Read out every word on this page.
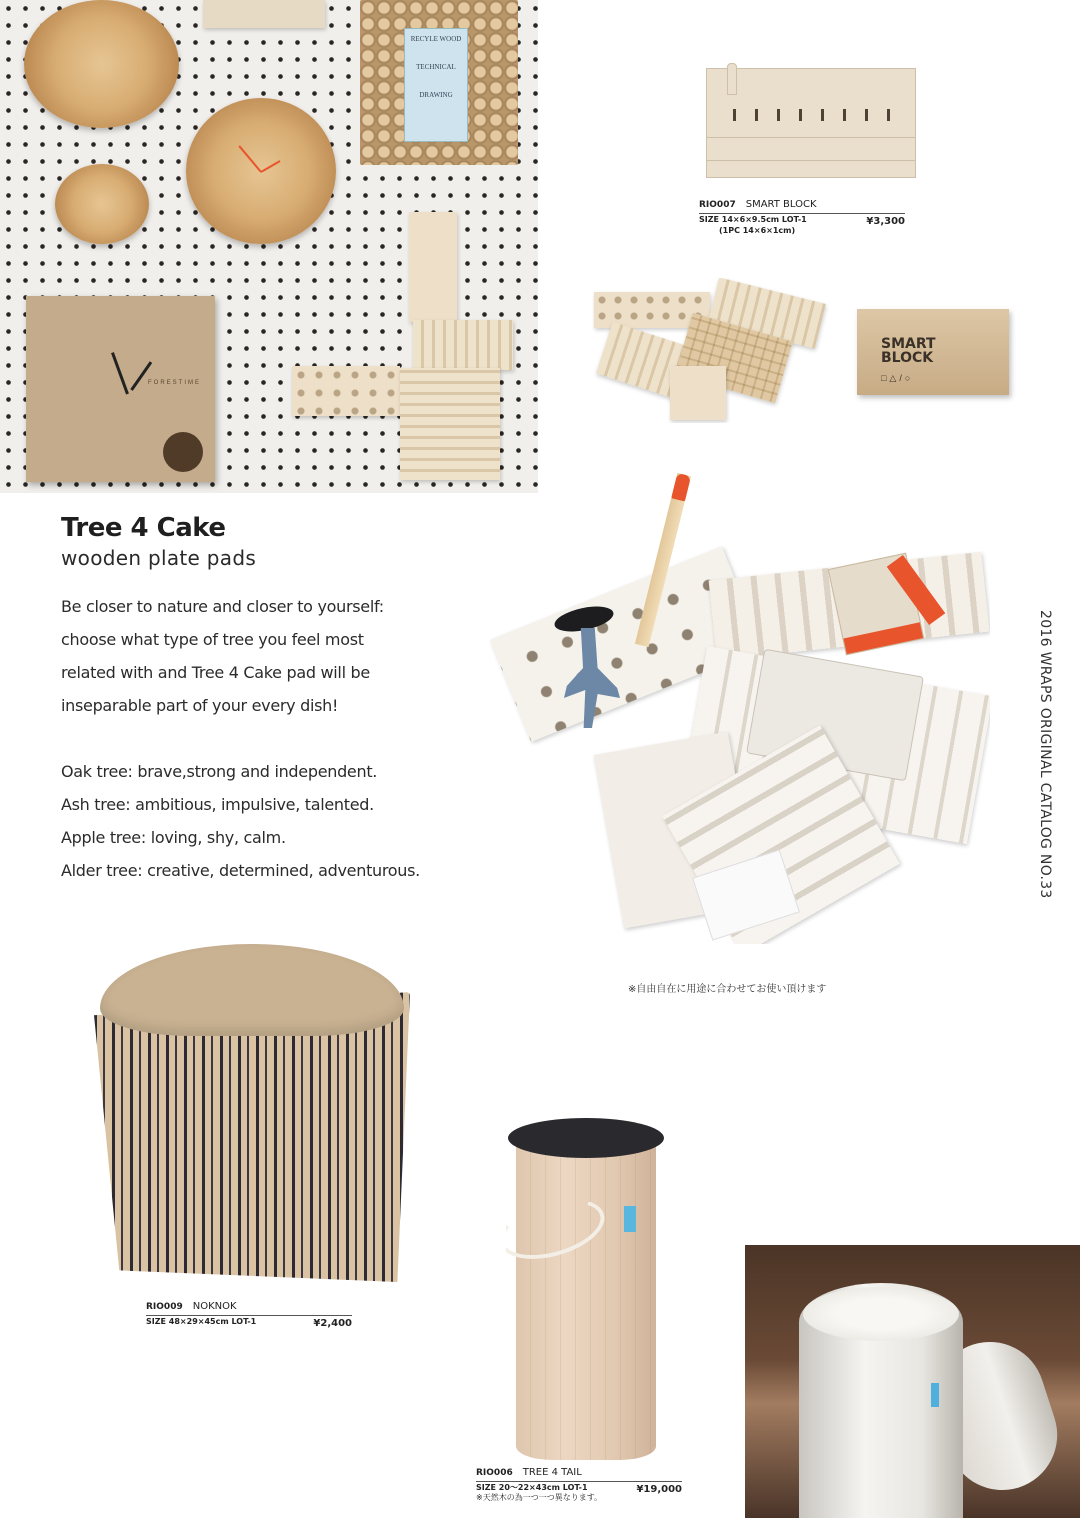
RECYLE WOOD
TECHNICAL
DRAWING
FORESTIME
RIO007 SMART BLOCK
SIZE 14×6×9.5cm LOT-1
(1PC 14×6×1cm)
¥3,300
SMART
BLOCK
□△/○
Tree 4 Cake
wooden plate pads
Be closer to nature and closer to yourself:
choose what type of tree you feel most
related with and Tree 4 Cake pad will be
inseparable part of your every dish!
Oak tree: brave,strong and independent.
Ash tree: ambitious, impulsive, talented.
Apple tree: loving, shy, calm.
Alder tree: creative, determined, adventurous.
※自由自在に用途に合わせてお使い頂けます
2016 WRAPS ORIGINAL CATALOG NO.33
RIO009 NOKNOK
SIZE 48×29×45cm LOT-1	¥2,400
RIO006 TREE 4 TAIL
SIZE 20～22×43cm LOT-1
※天然木の為一つ一つ異なります。
¥19,000
